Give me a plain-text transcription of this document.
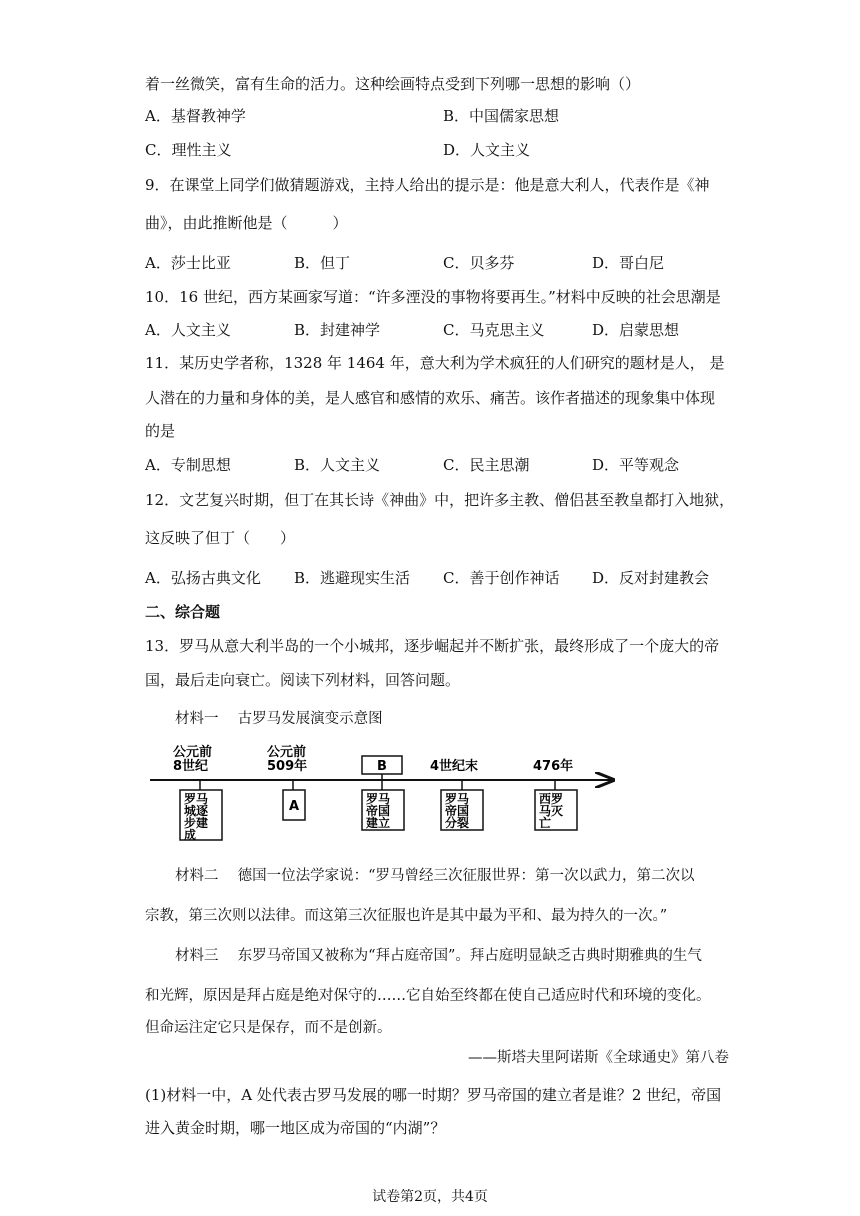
着一丝微笑，富有生命的活力。这种绘画特点受到下列哪一思想的影响（）
A．基督教神学	B．中国儒家思想
C．理性主义	D．人文主义
9．在课堂上同学们做猜题游戏，主持人给出的提示是：他是意大利人，代表作是《神
曲》，由此推断他是（　　　）
A．莎士比亚	B．但丁	C．贝多芬	D．哥白尼
10．16 世纪，西方某画家写道：“许多湮没的事物将要再生。”材料中反映的社会思潮是
A．人文主义	B．封建神学	C．马克思主义	D．启蒙思想
11．某历史学者称，1328 年 1464 年，意大利为学术疯狂的人们研究的题材是人， 是
人潜在的力量和身体的美，是人感官和感情的欢乐、痛苦。该作者描述的现象集中体现
的是
A．专制思想	B．人文主义	C．民主思潮	D．平等观念
12．文艺复兴时期，但丁在其长诗《神曲》中，把许多主教、僧侣甚至教皇都打入地狱，
这反映了但丁（　　）
A．弘扬古典文化 B．逃避现实生活 C．善于创作神话 D．反对封建教会
二、综合题
13．罗马从意大利半岛的一个小城邦，逐步崛起并不断扩张，最终形成了一个庞大的帝
国，最后走向衰亡。阅读下列材料，回答问题。
材料一　 古罗马发展演变示意图
公元前
8世纪
罗马
城逐
步建
成
公元前
509年
A
B
罗马
帝国
建立
4世纪末
罗马
帝国
分裂
476年
西罗
马灭
亡
材料二　 德国一位法学家说：“罗马曾经三次征服世界：第一次以武力，第二次以
宗教，第三次则以法律。而这第三次征服也许是其中最为平和、最为持久的一次。”
材料三　 东罗马帝国又被称为“拜占庭帝国”。拜占庭明显缺乏古典时期雅典的生气
和光辉，原因是拜占庭是绝对保守的……它自始至终都在使自己适应时代和环境的变化。
但命运注定它只是保存，而不是创新。
——斯塔夫里阿诺斯《全球通史》第八卷
(1)材料一中，A 处代表古罗马发展的哪一时期？罗马帝国的建立者是谁？2 世纪，帝国
进入黄金时期，哪一地区成为帝国的“内湖”？
试卷第2页，共4页
